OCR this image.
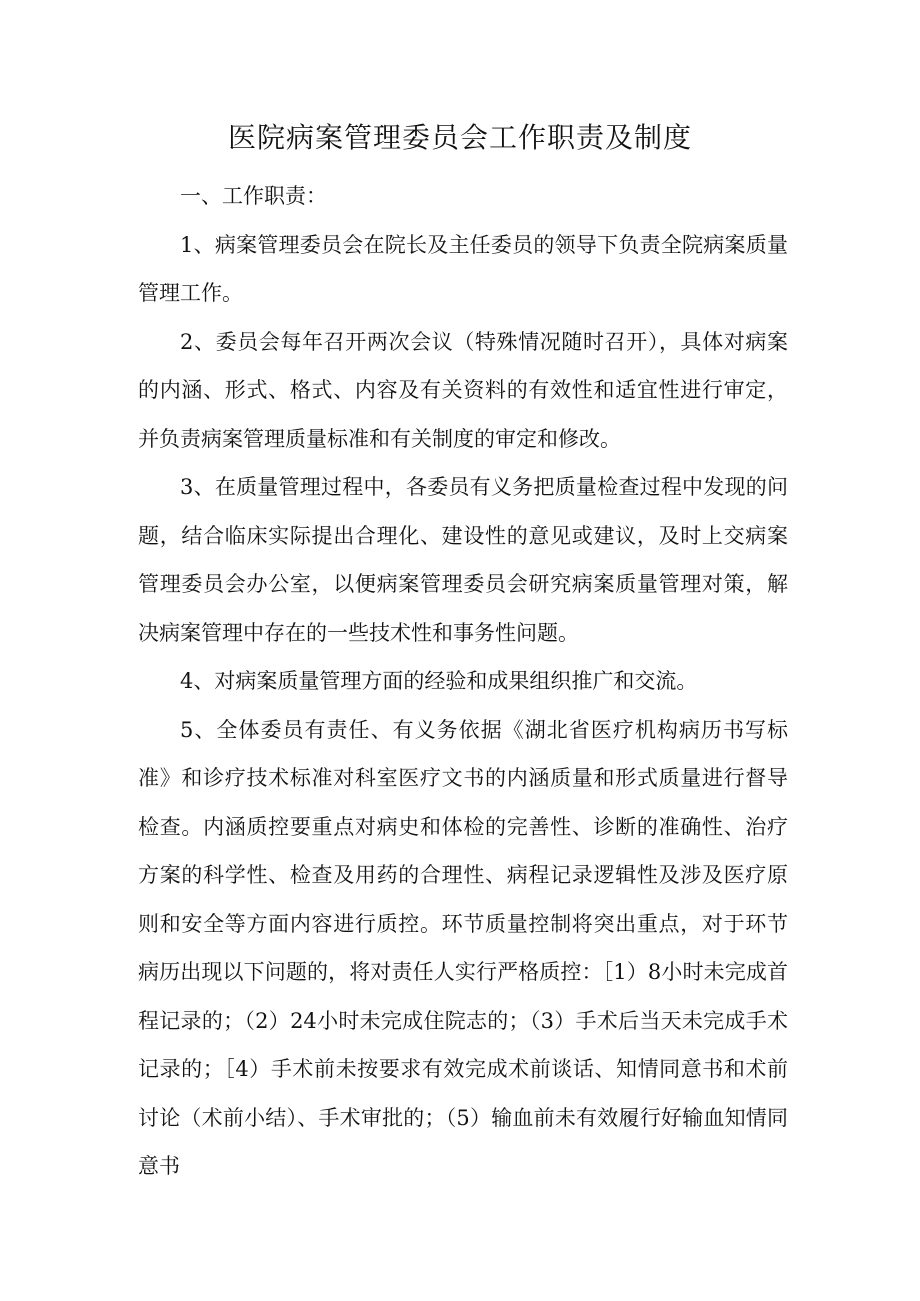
医院病案管理委员会工作职责及制度

一、工作职责：

1、病案管理委员会在院长及主任委员的领导下负责全院病案质量管理工作。

2、委员会每年召开两次会议（特殊情况随时召开），具体对病案的内涵、形式、格式、内容及有关资料的有效性和适宜性进行审定，并负责病案管理质量标准和有关制度的审定和修改。

3、在质量管理过程中，各委员有义务把质量检查过程中发现的问题，结合临床实际提出合理化、建设性的意见或建议，及时上交病案管理委员会办公室，以便病案管理委员会研究病案质量管理对策，解决病案管理中存在的一些技术性和事务性问题。

4、对病案质量管理方面的经验和成果组织推广和交流。

5、全体委员有责任、有义务依据《湖北省医疗机构病历书写标准》和诊疗技术标准对科室医疗文书的内涵质量和形式质量进行督导检查。内涵质控要重点对病史和体检的完善性、诊断的准确性、治疗方案的科学性、检查及用药的合理性、病程记录逻辑性及涉及医疗原则和安全等方面内容进行质控。环节质量控制将突出重点，对于环节病历出现以下问题的，将对责任人实行严格质控：［1）8小时未完成首程记录的；（2）24小时未完成住院志的；（3）手术后当天未完成手术记录的；［4）手术前未按要求有效完成术前谈话、知情同意书和术前讨论（术前小结）、手术审批的；（5）输血前未有效履行好输血知情同意书
